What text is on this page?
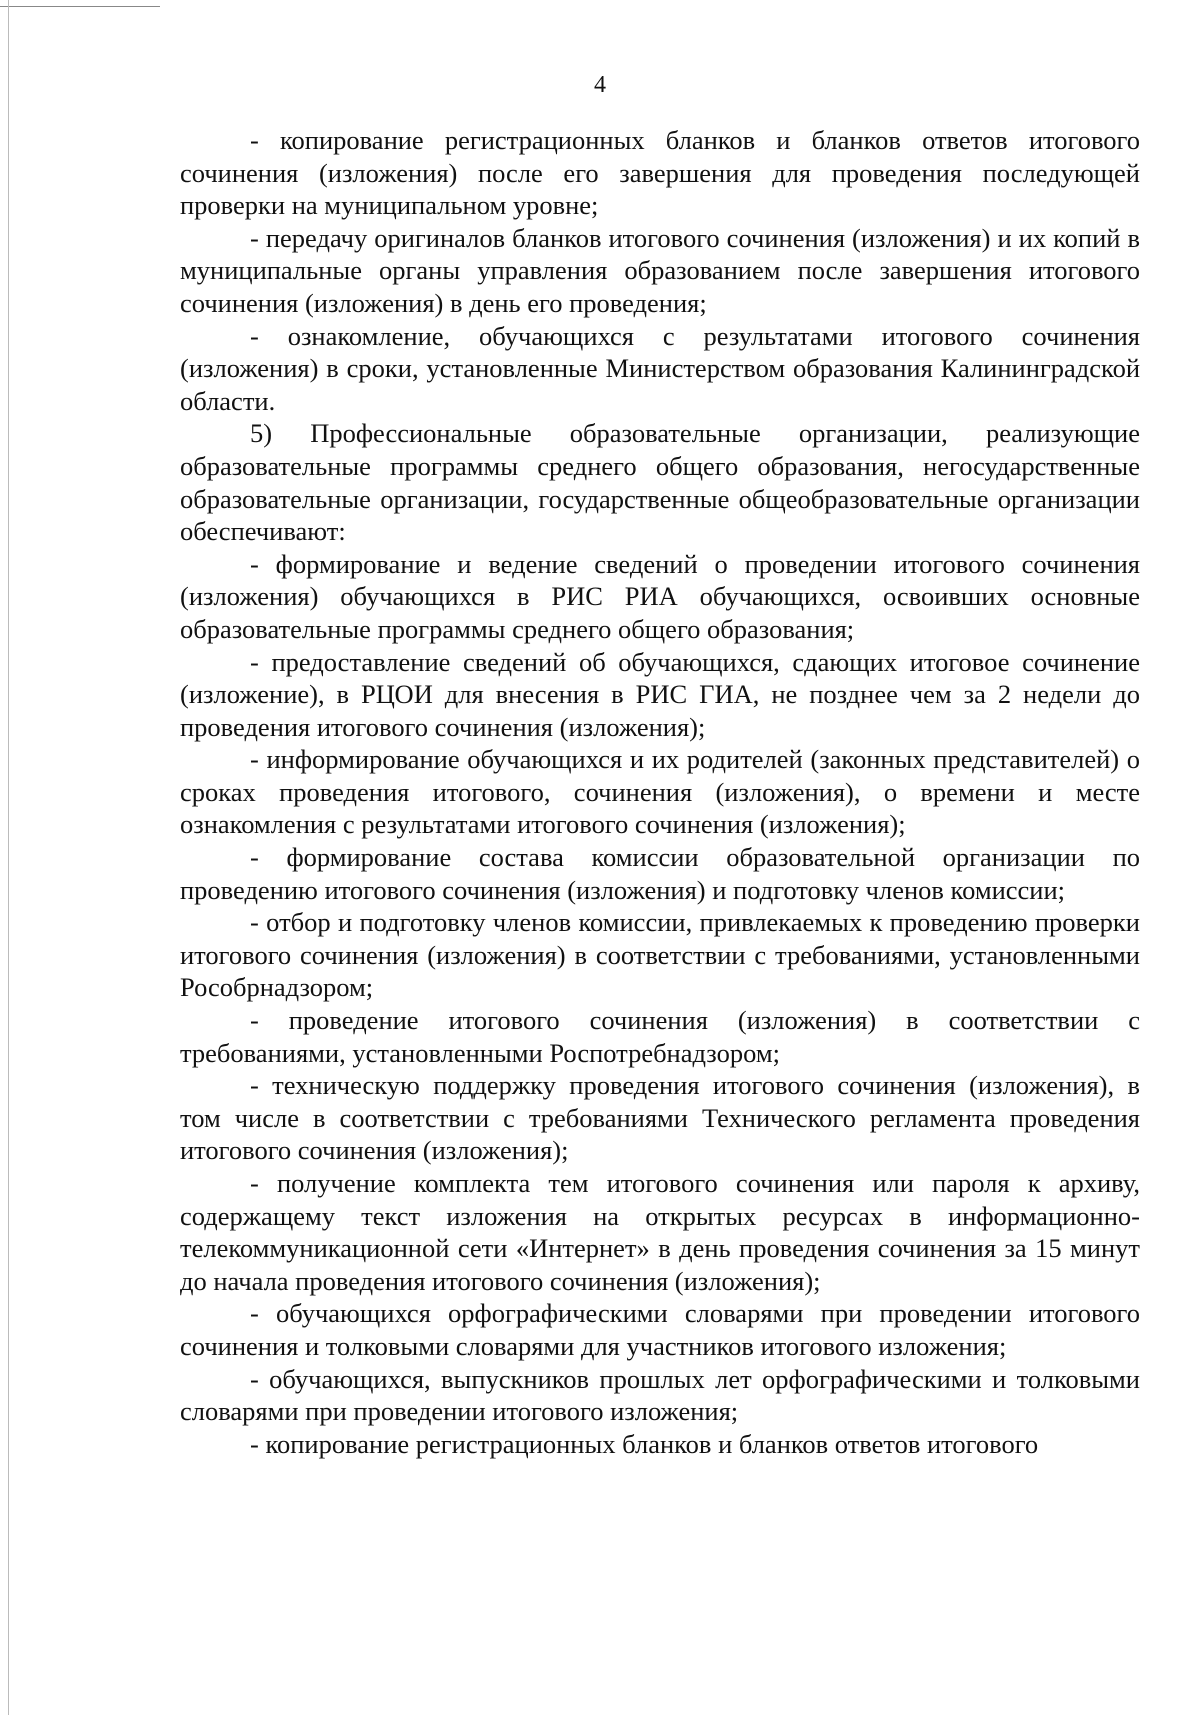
4

- копирование регистрационных бланков и бланков ответов итогового сочинения (изложения) после его завершения для проведения последующей проверки на муниципальном уровне;

- передачу оригиналов бланков итогового сочинения (изложения) и их копий в муниципальные органы управления образованием после завершения итогового сочинения (изложения) в день его проведения;

- ознакомление, обучающихся с результатами итогового сочинения (изложения) в сроки, установленные Министерством образования Калининградской области.

5) Профессиональные образовательные организации, реализующие образовательные программы среднего общего образования, негосударственные образовательные организации, государственные общеобразовательные организации обеспечивают:

- формирование и ведение сведений о проведении итогового сочинения (изложения) обучающихся в РИС РИА обучающихся, освоивших основные образовательные программы среднего общего образования;

- предоставление сведений об обучающихся, сдающих итоговое сочинение (изложение), в РЦОИ для внесения в РИС ГИА, не позднее чем за 2 недели до проведения итогового сочинения (изложения);

- информирование обучающихся и их родителей (законных представителей) о сроках проведения итогового, сочинения (изложения), о времени и месте ознакомления с результатами итогового сочинения (изложения);

- формирование состава комиссии образовательной организации по проведению итогового сочинения (изложения) и подготовку членов комиссии;

- отбор и подготовку членов комиссии, привлекаемых к проведению проверки итогового сочинения (изложения) в соответствии с требованиями, установленными Рособрнадзором;

- проведение итогового сочинения (изложения) в соответствии с требованиями, установленными Роспотребнадзором;

- техническую поддержку проведения итогового сочинения (изложения), в том числе в соответствии с требованиями Технического регламента проведения итогового сочинения (изложения);

- получение комплекта тем итогового сочинения или пароля к архиву, содержащему текст изложения на открытых ресурсах в информационно-телекоммуникационной сети «Интернет» в день проведения сочинения за 15 минут до начала проведения итогового сочинения (изложения);

- обучающихся орфографическими словарями при проведении итогового сочинения и толковыми словарями для участников итогового изложения;

- обучающихся, выпускников прошлых лет орфографическими и толковыми словарями при проведении итогового изложения;

- копирование регистрационных бланков и бланков ответов итогового
